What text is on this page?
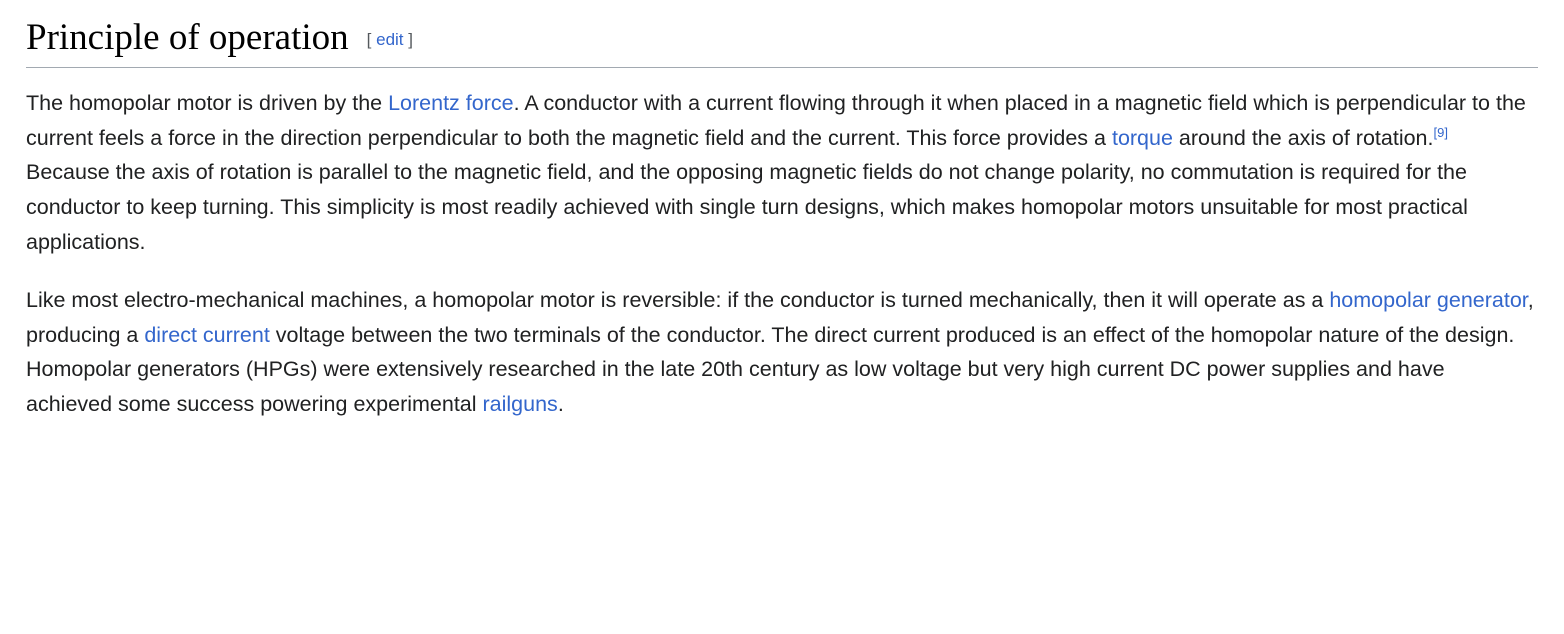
Principle of operation [ edit ]

The homopolar motor is driven by the Lorentz force. A conductor with a current flowing through it when placed in a magnetic field which is perpendicular to the current feels a force in the direction perpendicular to both the magnetic field and the current. This force provides a torque around the axis of rotation.[9] Because the axis of rotation is parallel to the magnetic field, and the opposing magnetic fields do not change polarity, no commutation is required for the conductor to keep turning. This simplicity is most readily achieved with single turn designs, which makes homopolar motors unsuitable for most practical applications.

Like most electro-mechanical machines, a homopolar motor is reversible: if the conductor is turned mechanically, then it will operate as a homopolar generator, producing a direct current voltage between the two terminals of the conductor. The direct current produced is an effect of the homopolar nature of the design. Homopolar generators (HPGs) were extensively researched in the late 20th century as low voltage but very high current DC power supplies and have achieved some success powering experimental railguns.
